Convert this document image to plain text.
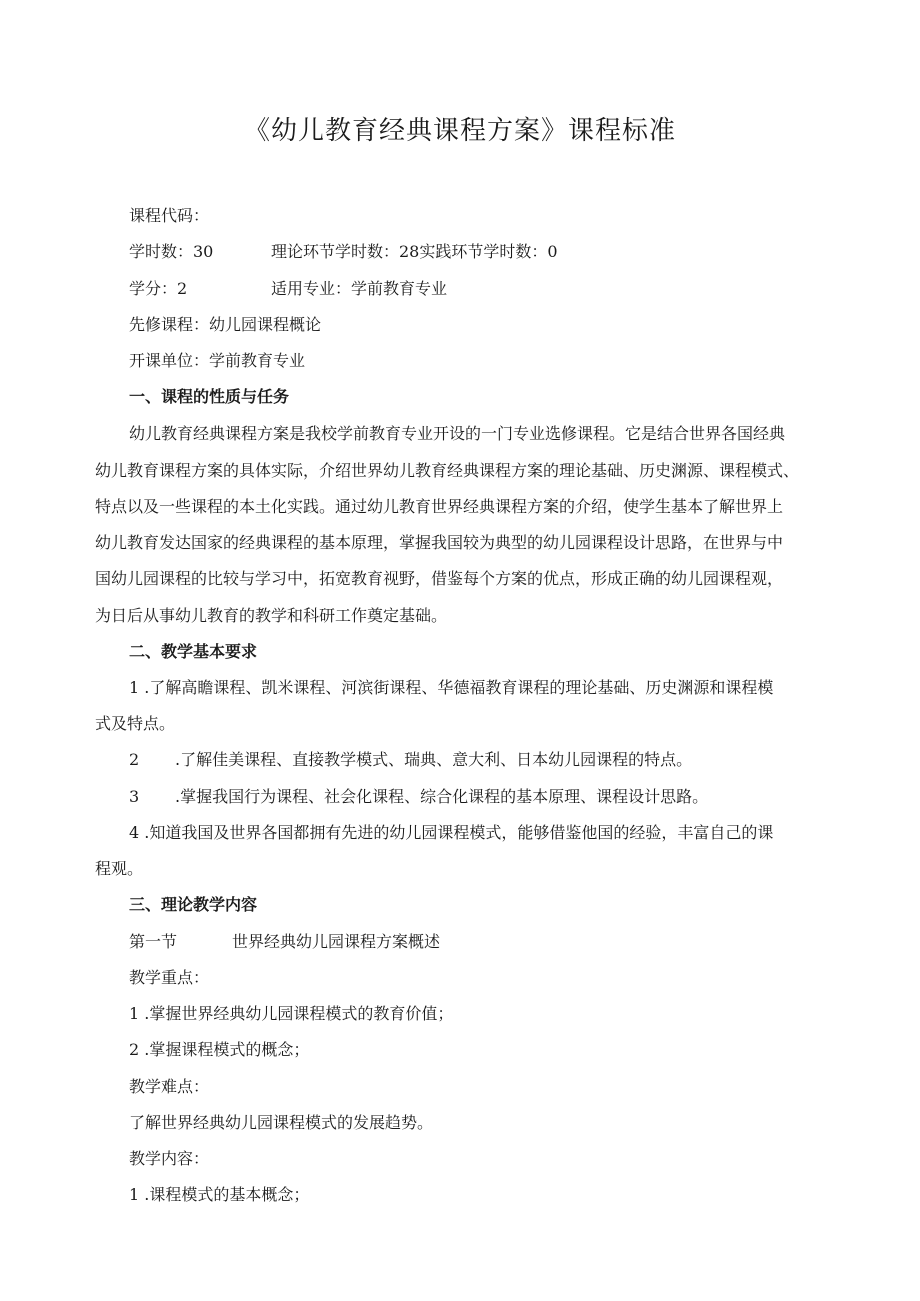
《幼儿教育经典课程方案》课程标准
课程代码：
学时数：30	理论环节学时数：28实践环节学时数：0
学分：2	适用专业：学前教育专业
先修课程：幼儿园课程概论
开课单位：学前教育专业
一、课程的性质与任务
幼儿教育经典课程方案是我校学前教育专业开设的一门专业选修课程。它是结合世界各国经典
幼儿教育课程方案的具体实际，介绍世界幼儿教育经典课程方案的理论基础、历史渊源、课程模式、
特点以及一些课程的本土化实践。通过幼儿教育世界经典课程方案的介绍，使学生基本了解世界上
幼儿教育发达国家的经典课程的基本原理，掌握我国较为典型的幼儿园课程设计思路，在世界与中
国幼儿园课程的比较与学习中，拓宽教育视野，借鉴每个方案的优点，形成正确的幼儿园课程观，
为日后从事幼儿教育的教学和科研工作奠定基础。
二、教学基本要求
1 .了解高瞻课程、凯米课程、河滨街课程、华德福教育课程的理论基础、历史渊源和课程模
式及特点。
2 .了解佳美课程、直接教学模式、瑞典、意大利、日本幼儿园课程的特点。
3 .掌握我国行为课程、社会化课程、综合化课程的基本原理、课程设计思路。
4 .知道我国及世界各国都拥有先进的幼儿园课程模式，能够借鉴他国的经验，丰富自己的课
程观。
三、理论教学内容
第一节	世界经典幼儿园课程方案概述
教学重点：
1 .掌握世界经典幼儿园课程模式的教育价值；
2 .掌握课程模式的概念；
教学难点：
了解世界经典幼儿园课程模式的发展趋势。
教学内容：
1 .课程模式的基本概念；
